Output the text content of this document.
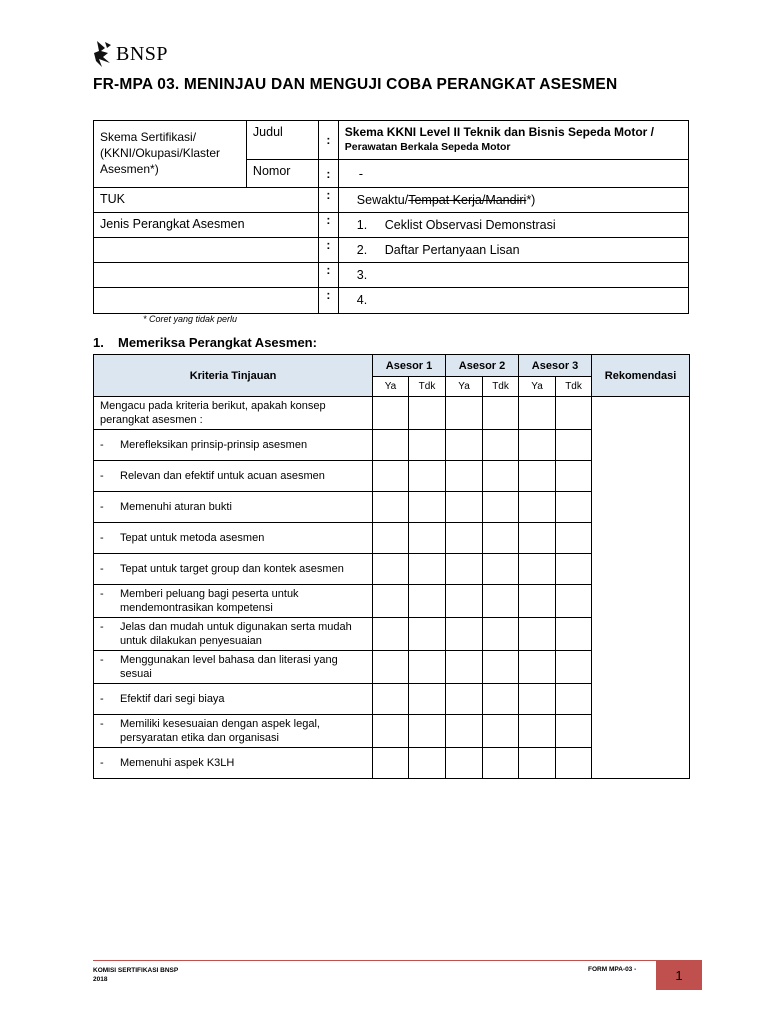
BNSP
FR-MPA 03. MENINJAU DAN MENGUJI COBA PERANGKAT ASESMEN
Skema Sertifikasi/ (KKNI/Okupasi/Klaster Asesmen*)	Judul	:	Skema KKNI Level II Teknik dan Bisnis Sepeda Motor /
Perawatan Berkala Sepeda Motor

	Nomor	:	-

TUK		:	Sewaktu/Tempat Kerja/Mandiri*)

Jenis Perangkat Asesmen		:	1. Ceklist Observasi Demonstrasi

		:	2. Daftar Pertanyaan Lisan

		:	3.

		:	4.
* Coret yang tidak perlu
1. Memeriksa Perangkat Asesmen:
Kriteria Tinjauan	Asesor 1		Asesor 2		Asesor 3		Rekomendasi
	Ya	Tdk	Ya	Tdk	Ya	Tdk	
Mengacu pada kriteria berikut, apakah konsep perangkat asesmen :							
- Merefleksikan prinsip-prinsip asesmen							
- Relevan dan efektif untuk acuan asesmen							
- Memenuhi aturan bukti							
- Tepat untuk metoda asesmen							
- Tepat untuk target group dan kontek asesmen							
- Memberi peluang bagi peserta untuk mendemontrasikan kompetensi							
- Jelas dan mudah untuk digunakan serta mudah untuk dilakukan penyesuaian							
- Menggunakan level bahasa dan literasi yang sesuai							
- Efektif dari segi biaya							
- Memiliki kesesuaian dengan aspek legal, persyaratan etika dan organisasi							
- Memenuhi aspek K3LH							
KOMISI SERTIFIKASI BNSP
2018
FORM MPA-03 -	1
